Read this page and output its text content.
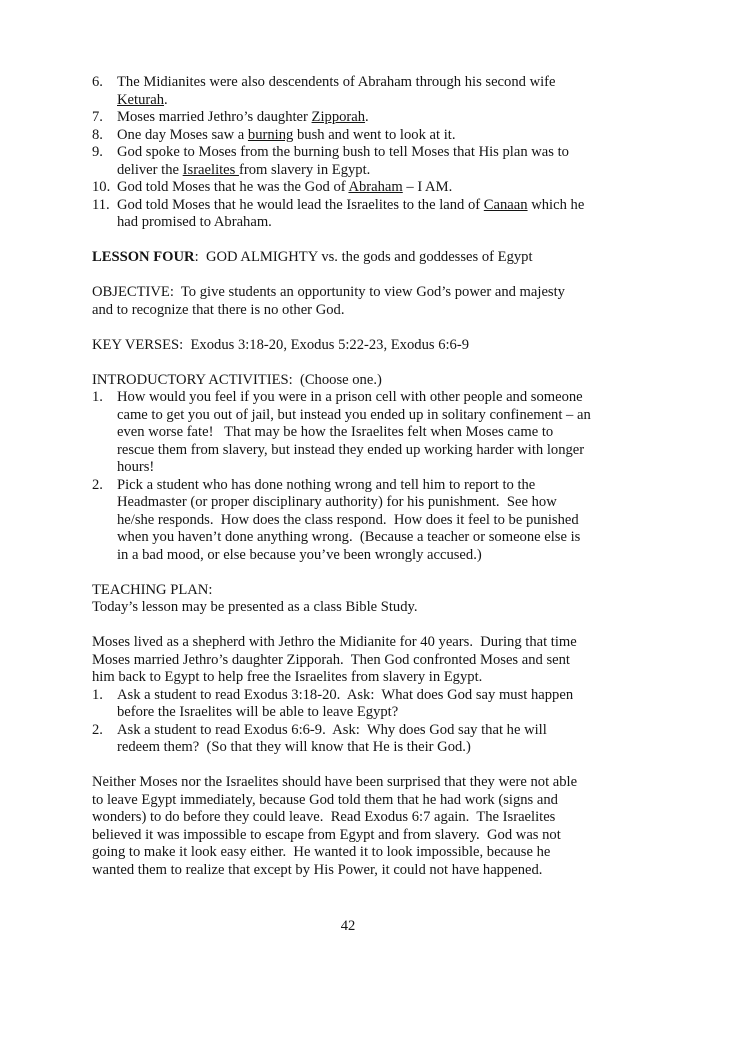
6. The Midianites were also descendents of Abraham through his second wife
Keturah.
7. Moses married Jethro’s daughter Zipporah.
8. One day Moses saw a burning bush and went to look at it.
9. God spoke to Moses from the burning bush to tell Moses that His plan was to
deliver the Israelites from slavery in Egypt.
10. God told Moses that he was the God of Abraham – I AM.
11. God told Moses that he would lead the Israelites to the land of Canaan which he
had promised to Abraham.
LESSON FOUR:  GOD ALMIGHTY vs. the gods and goddesses of Egypt
OBJECTIVE:  To give students an opportunity to view God’s power and majesty
and to recognize that there is no other God.
KEY VERSES:  Exodus 3:18-20, Exodus 5:22-23, Exodus 6:6-9
INTRODUCTORY ACTIVITIES:  (Choose one.)
1. How would you feel if you were in a prison cell with other people and someone
came to get you out of jail, but instead you ended up in solitary confinement – an
even worse fate!   That may be how the Israelites felt when Moses came to
rescue them from slavery, but instead they ended up working harder with longer
hours!
2. Pick a student who has done nothing wrong and tell him to report to the
Headmaster (or proper disciplinary authority) for his punishment.  See how
he/she responds.  How does the class respond.  How does it feel to be punished
when you haven’t done anything wrong.  (Because a teacher or someone else is
in a bad mood, or else because you’ve been wrongly accused.)
TEACHING PLAN:
Today’s lesson may be presented as a class Bible Study.
Moses lived as a shepherd with Jethro the Midianite for 40 years.  During that time
Moses married Jethro’s daughter Zipporah.  Then God confronted Moses and sent
him back to Egypt to help free the Israelites from slavery in Egypt.
1. Ask a student to read Exodus 3:18-20.  Ask:  What does God say must happen
before the Israelites will be able to leave Egypt?
2. Ask a student to read Exodus 6:6-9.  Ask:  Why does God say that he will
redeem them?  (So that they will know that He is their God.)
Neither Moses nor the Israelites should have been surprised that they were not able
to leave Egypt immediately, because God told them that he had work (signs and
wonders) to do before they could leave.  Read Exodus 6:7 again.  The Israelites
believed it was impossible to escape from Egypt and from slavery.  God was not
going to make it look easy either.  He wanted it to look impossible, because he
wanted them to realize that except by His Power, it could not have happened.
42
